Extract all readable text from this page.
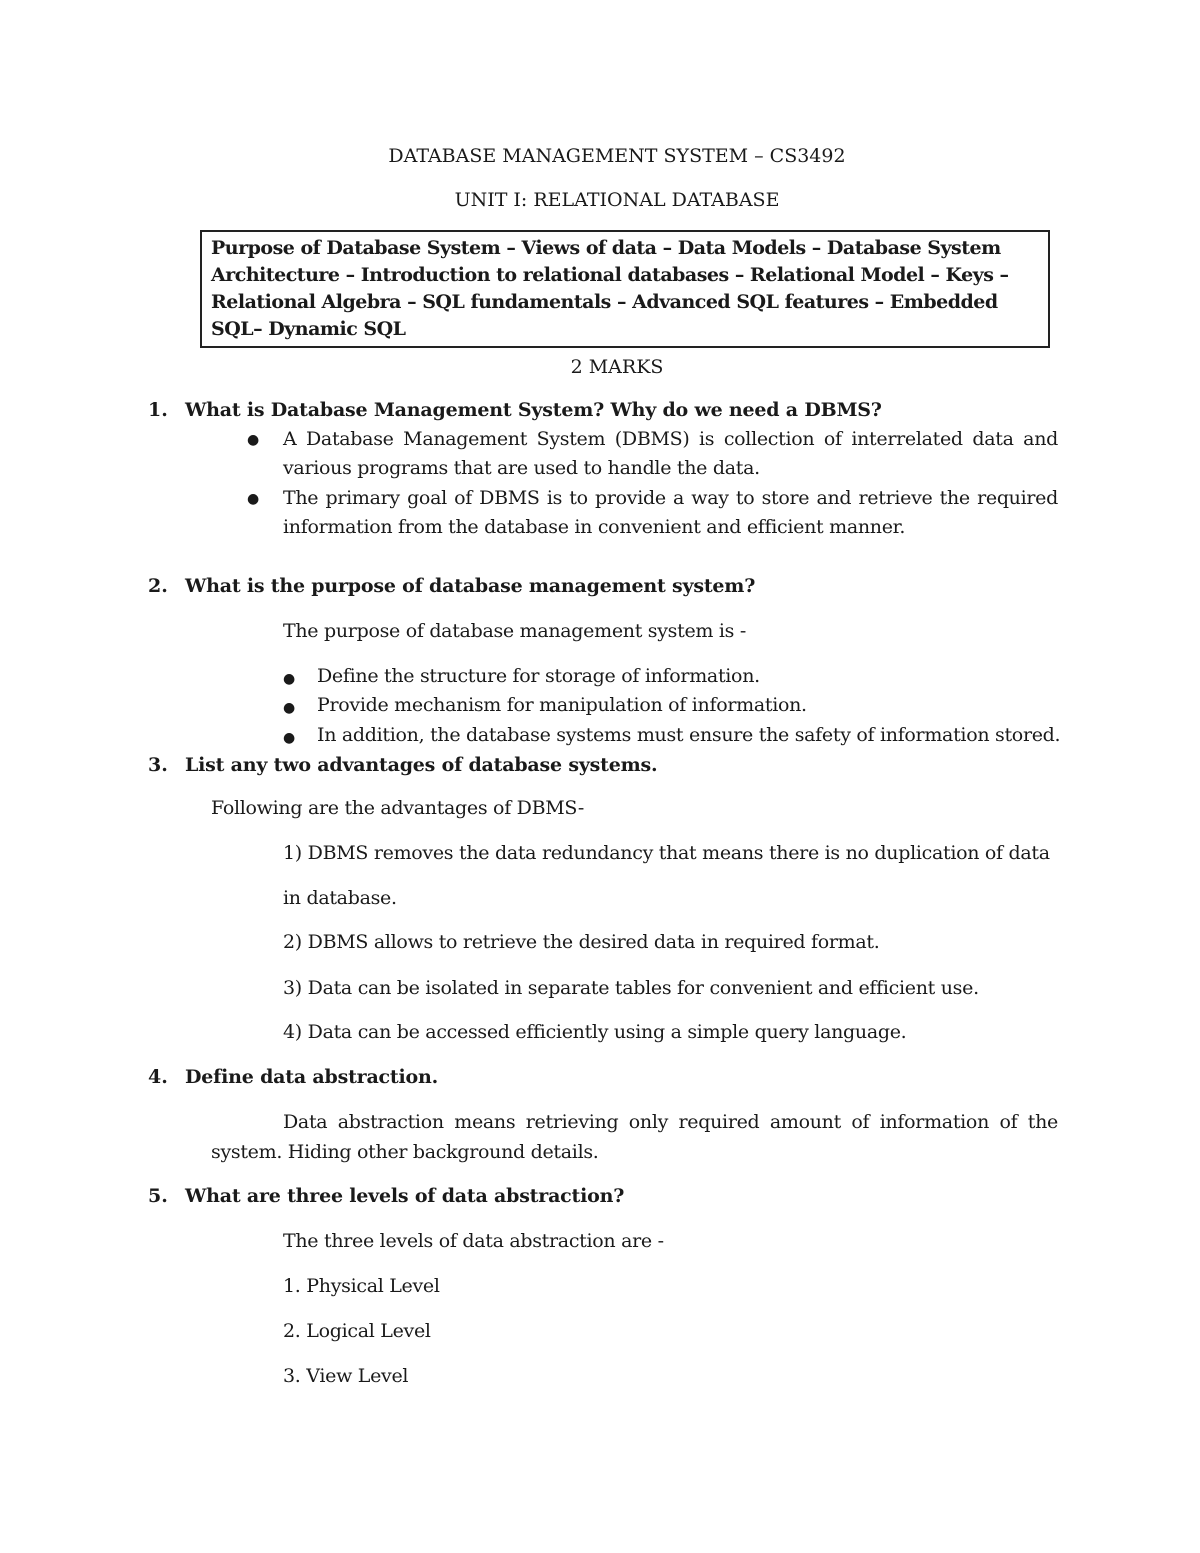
DATABASE MANAGEMENT SYSTEM – CS3492
UNIT I: RELATIONAL DATABASE
Purpose of Database System – Views of data – Data Models – Database System Architecture – Introduction to relational databases – Relational Model – Keys – Relational Algebra – SQL fundamentals – Advanced SQL features – Embedded SQL– Dynamic SQL
2 MARKS
1. What is Database Management System? Why do we need a DBMS?
● A Database Management System (DBMS) is collection of interrelated data and various programs that are used to handle the data.
● The primary goal of DBMS is to provide a way to store and retrieve the required information from the database in convenient and efficient manner.
2. What is the purpose of database management system?
The purpose of database management system is -
● Define the structure for storage of information.
● Provide mechanism for manipulation of information.
● In addition, the database systems must ensure the safety of information stored.
3. List any two advantages of database systems.
Following are the advantages of DBMS-
1) DBMS removes the data redundancy that means there is no duplication of data
in database.
2) DBMS allows to retrieve the desired data in required format.
3) Data can be isolated in separate tables for convenient and efficient use.
4) Data can be accessed efficiently using a simple query language.
4. Define data abstraction.
Data abstraction means retrieving only required amount of information of the
system. Hiding other background details.
5. What are three levels of data abstraction?
The three levels of data abstraction are -
1. Physical Level
2. Logical Level
3. View Level
